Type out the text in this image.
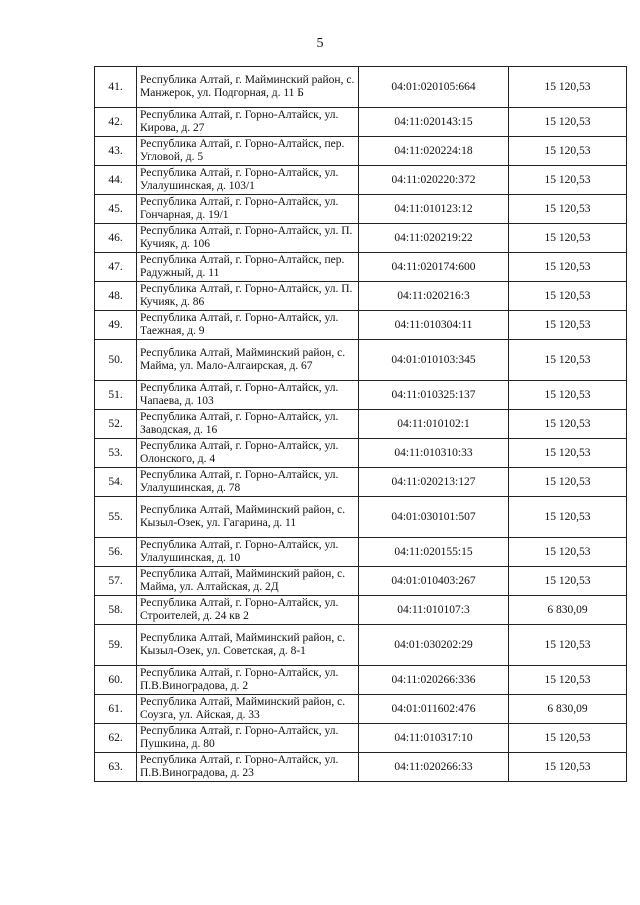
5
41.	Республика Алтай, г. Майминский район, с. Манжерок, ул. Подгорная, д. 11 Б	04:01:020105:664	15 120,53
42.	Республика Алтай, г. Горно-Алтайск, ул. Кирова, д. 27	04:11:020143:15	15 120,53
43.	Республика Алтай, г. Горно-Алтайск, пер. Угловой, д. 5	04:11:020224:18	15 120,53
44.	Республика Алтай, г. Горно-Алтайск, ул. Улалушинская, д. 103/1	04:11:020220:372	15 120,53
45.	Республика Алтай, г. Горно-Алтайск, ул. Гончарная, д. 19/1	04:11:010123:12	15 120,53
46.	Республика Алтай, г. Горно-Алтайск, ул. П. Кучияк, д. 106	04:11:020219:22	15 120,53
47.	Республика Алтай, г. Горно-Алтайск, пер. Радужный, д. 11	04:11:020174:600	15 120,53
48.	Республика Алтай, г. Горно-Алтайск, ул. П. Кучияк, д. 86	04:11:020216:3	15 120,53
49.	Республика Алтай, г. Горно-Алтайск, ул. Таежная, д. 9	04:11:010304:11	15 120,53
50.	Республика Алтай, Майминский район, с. Майма, ул. Мало-Алгаирская, д. 67	04:01:010103:345	15 120,53
51.	Республика Алтай, г. Горно-Алтайск, ул. Чапаева, д. 103	04:11:010325:137	15 120,53
52.	Республика Алтай, г. Горно-Алтайск, ул. Заводская, д. 16	04:11:010102:1	15 120,53
53.	Республика Алтай, г. Горно-Алтайск, ул. Олонского, д. 4	04:11:010310:33	15 120,53
54.	Республика Алтай, г. Горно-Алтайск, ул. Улалушинская, д. 78	04:11:020213:127	15 120,53
55.	Республика Алтай, Майминский район, с. Кызыл-Озек, ул. Гагарина, д. 11	04:01:030101:507	15 120,53
56.	Республика Алтай, г. Горно-Алтайск, ул. Улалушинская, д. 10	04:11:020155:15	15 120,53
57.	Республика Алтай, Майминский район, с. Майма, ул. Алтайская, д. 2Д	04:01:010403:267	15 120,53
58.	Республика Алтай, г. Горно-Алтайск, ул. Строителей, д. 24 кв 2	04:11:010107:3	6 830,09
59.	Республика Алтай, Майминский район, с. Кызыл-Озек, ул. Советская, д. 8-1	04:01:030202:29	15 120,53
60.	Республика Алтай, г. Горно-Алтайск, ул. П.В.Виноградова, д. 2	04:11:020266:336	15 120,53
61.	Республика Алтай, Майминский район, с. Соузга, ул. Айская, д. 33	04:01:011602:476	6 830,09
62.	Республика Алтай, г. Горно-Алтайск, ул. Пушкина, д. 80	04:11:010317:10	15 120,53
63.	Республика Алтай, г. Горно-Алтайск, ул. П.В.Виноградова, д. 23	04:11:020266:33	15 120,53
